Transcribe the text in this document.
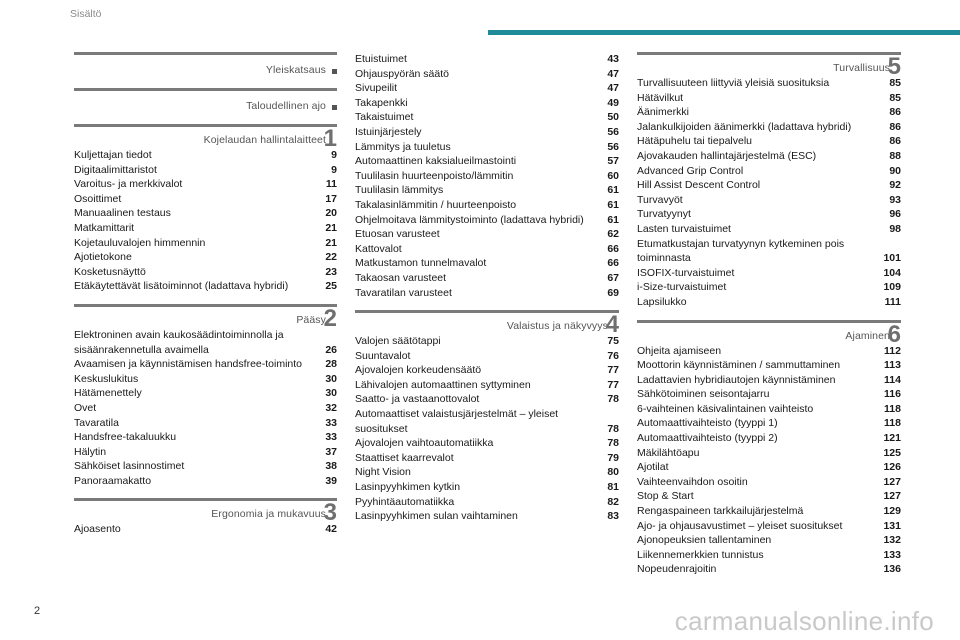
Sisältö
Yleiskatsaus
Taloudellinen ajo
Kojelaudan hallintalaitteet
1
Kuljettajan tiedot	9
Digitaalimittaristot	9
Varoitus- ja merkkivalot	11
Osoittimet	17
Manuaalinen testaus	20
Matkamittarit	21
Kojetauluvalojen himmennin	21
Ajotietokone	22
Kosketusnäyttö	23
Etäkäytettävät lisätoiminnot (ladattava hybridi)	25
Pääsy
2
Elektroninen avain kaukosäädintoiminnolla ja sisäänrakennetulla avaimella	26
Avaamisen ja käynnistämisen handsfree-toiminto	28
Keskuslukitus	30
Hätämenettely	30
Ovet	32
Tavaratila	33
Handsfree-takaluukku	33
Hälytin	37
Sähköiset lasinnostimet	38
Panoraamakatto	39
Ergonomia ja mukavuus
3
Ajoasento	42
Etuistuimet	43
Ohjauspyörän säätö	47
Sivupeilit	47
Takapenkki	49
Takaistuimet	50
Istuinjärjestely	56
Lämmitys ja tuuletus	56
Automaattinen kaksialueilmastointi	57
Tuulilasin huurteenpoisto/lämmitin	60
Tuulilasin lämmitys	61
Takalasinlämmitin / huurteenpoisto	61
Ohjelmoitava lämmitystoiminto (ladattava hybridi)	61
Etuosan varusteet	62
Kattovalot	66
Matkustamon tunnelmavalot	66
Takaosan varusteet	67
Tavaratilan varusteet	69
Valaistus ja näkyvyys
4
Valojen säätötappi	75
Suuntavalot	76
Ajovalojen korkeudensäätö	77
Lähivalojen automaattinen syttyminen	77
Saatto- ja vastaanottovalot	78
Automaattiset valaistusjärjestelmät – yleiset suositukset	78
Ajovalojen vaihtoautomatiikka	78
Staattiset kaarrevalot	79
Night Vision	80
Lasinpyyhkimen kytkin	81
Pyyhintäautomatiikka	82
Lasinpyyhkimen sulan vaihtaminen	83
Turvallisuus
5
Turvallisuuteen liittyviä yleisiä suosituksia	85
Hätävilkut	85
Äänimerkki	86
Jalankulkijoiden äänimerkki (ladattava hybridi)	86
Hätäpuhelu tai tiepalvelu	86
Ajovakauden hallintajärjestelmä (ESC)	88
Advanced Grip Control	90
Hill Assist Descent Control	92
Turvavyöt	93
Turvatyynyt	96
Lasten turvaistuimet	98
Etumatkustajan turvatyynyn kytkeminen pois toiminnasta	101
ISOFIX-turvaistuimet	104
i-Size-turvaistuimet	109
Lapsilukko	111
Ajaminen
6
Ohjeita ajamiseen	112
Moottorin käynnistäminen / sammuttaminen	113
Ladattavien hybridiautojen käynnistäminen	114
Sähkötoiminen seisontajarru	116
6-vaihteinen käsivalintainen vaihteisto	118
Automaattivaihteisto (tyyppi 1)	118
Automaattivaihteisto (tyyppi 2)	121
Mäkilähtöapu	125
Ajotilat	126
Vaihteenvaihdon osoitin	127
Stop & Start	127
Rengaspaineen tarkkailujärjestelmä	129
Ajo- ja ohjausavustimet – yleiset suositukset	131
Ajonopeuksien tallentaminen	132
Liikennemerkkien tunnistus	133
Nopeudenrajoitin	136
2	carmanualsonline.info
